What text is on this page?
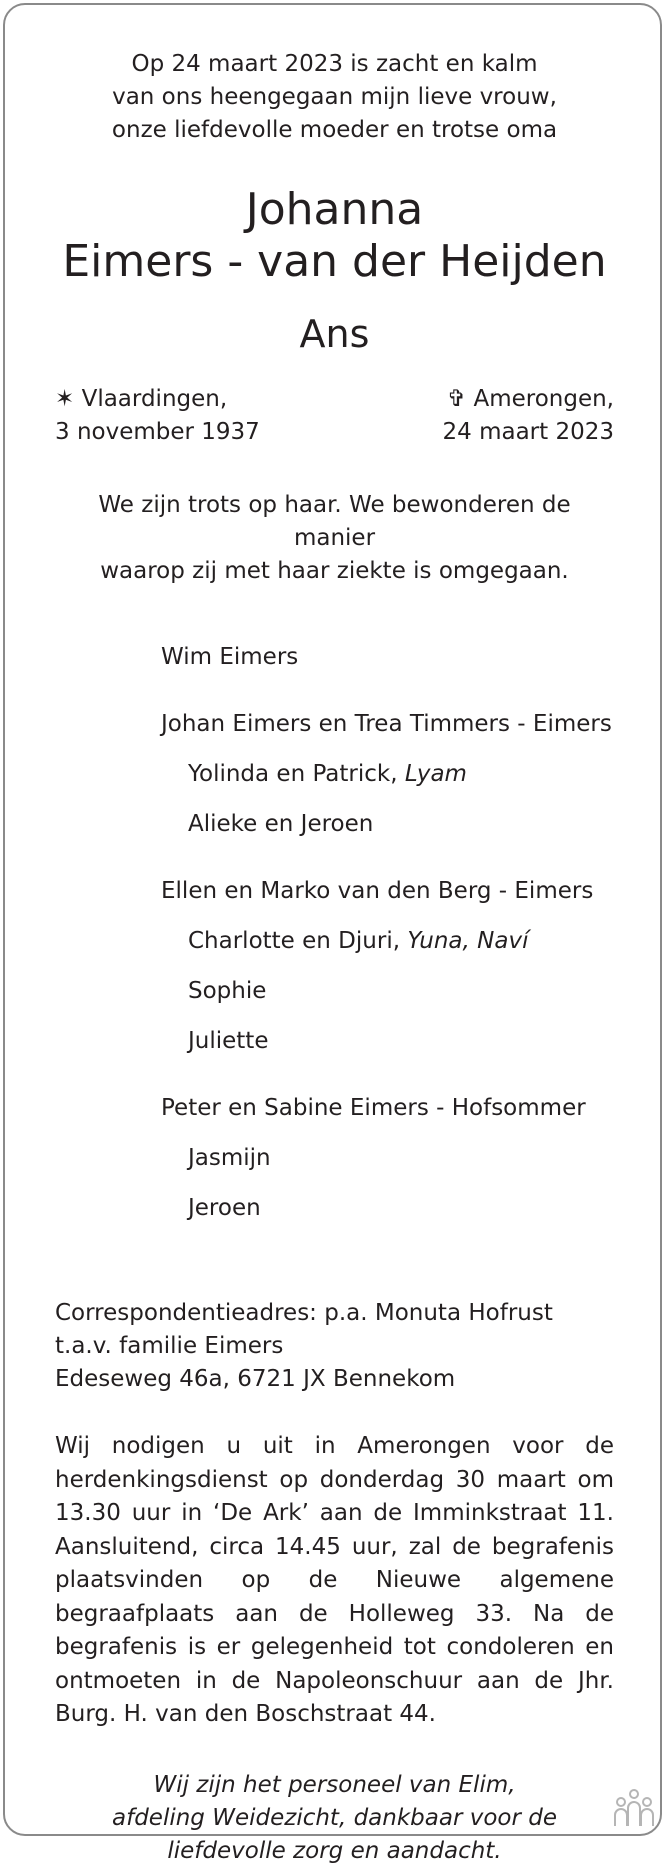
Op 24 maart 2023 is zacht en kalm
van ons heengegaan mijn lieve vrouw,
onze liefdevolle moeder en trotse oma
Johanna
Eimers - van der Heijden
Ans
✶ Vlaardingen,
3 november 1937
✞ Amerongen,
24 maart 2023
We zijn trots op haar. We bewonderen de manier
waarop zij met haar ziekte is omgegaan.
Wim Eimers
Johan Eimers en Trea Timmers - Eimers
Yolinda en Patrick, Lyam
Alieke en Jeroen
Ellen en Marko van den Berg - Eimers
Charlotte en Djuri, Yuna, Naví
Sophie
Juliette
Peter en Sabine Eimers - Hofsommer
Jasmijn
Jeroen
Correspondentieadres: p.a. Monuta Hofrust
t.a.v. familie Eimers
Edeseweg 46a, 6721 JX Bennekom
Wij nodigen u uit in Amerongen voor de herdenkingsdienst op donderdag 30 maart om 13.30 uur in ‘De Ark’ aan de Imminkstraat 11. Aansluitend, circa 14.45 uur, zal de begrafenis plaatsvinden op de Nieuwe algemene begraafplaats aan de Holleweg 33. Na de begrafenis is er gelegenheid tot condoleren en ontmoeten in de Napoleonschuur aan de Jhr. Burg. H. van den Boschstraat 44.
Wij zijn het personeel van Elim,
afdeling Weidezicht, dankbaar voor de
liefdevolle zorg en aandacht.
